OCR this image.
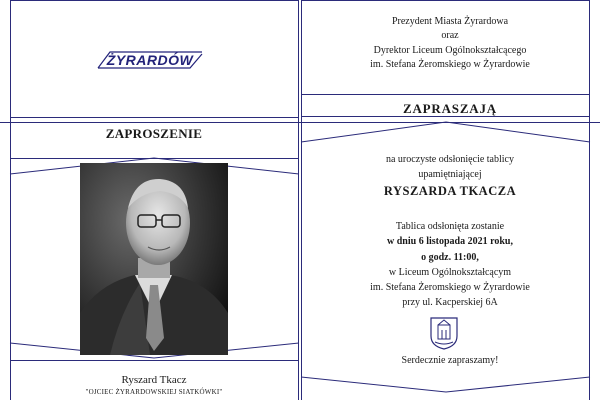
ŻYRARDÓW
ZAPROSZENIE
Ryszard Tkacz
"OJCIEC ŻYRARDOWSKIEJ SIATKÓWKI"
Prezydent Miasta Żyrardowa
oraz
Dyrektor Liceum Ogólnokształcącego
im. Stefana Żeromskiego w Żyrardowie
ZAPRASZAJĄ
na uroczyste odsłonięcie tablicy
upamiętniającej
RYSZARDA TKACZA
Tablica odsłonięta zostanie
w dniu 6 listopada 2021 roku,
o godz. 11:00,
w Liceum Ogólnokształcącym
im. Stefana Żeromskiego w Żyrardowie
przy ul. Kacperskiej 6A
Serdecznie zapraszamy!
